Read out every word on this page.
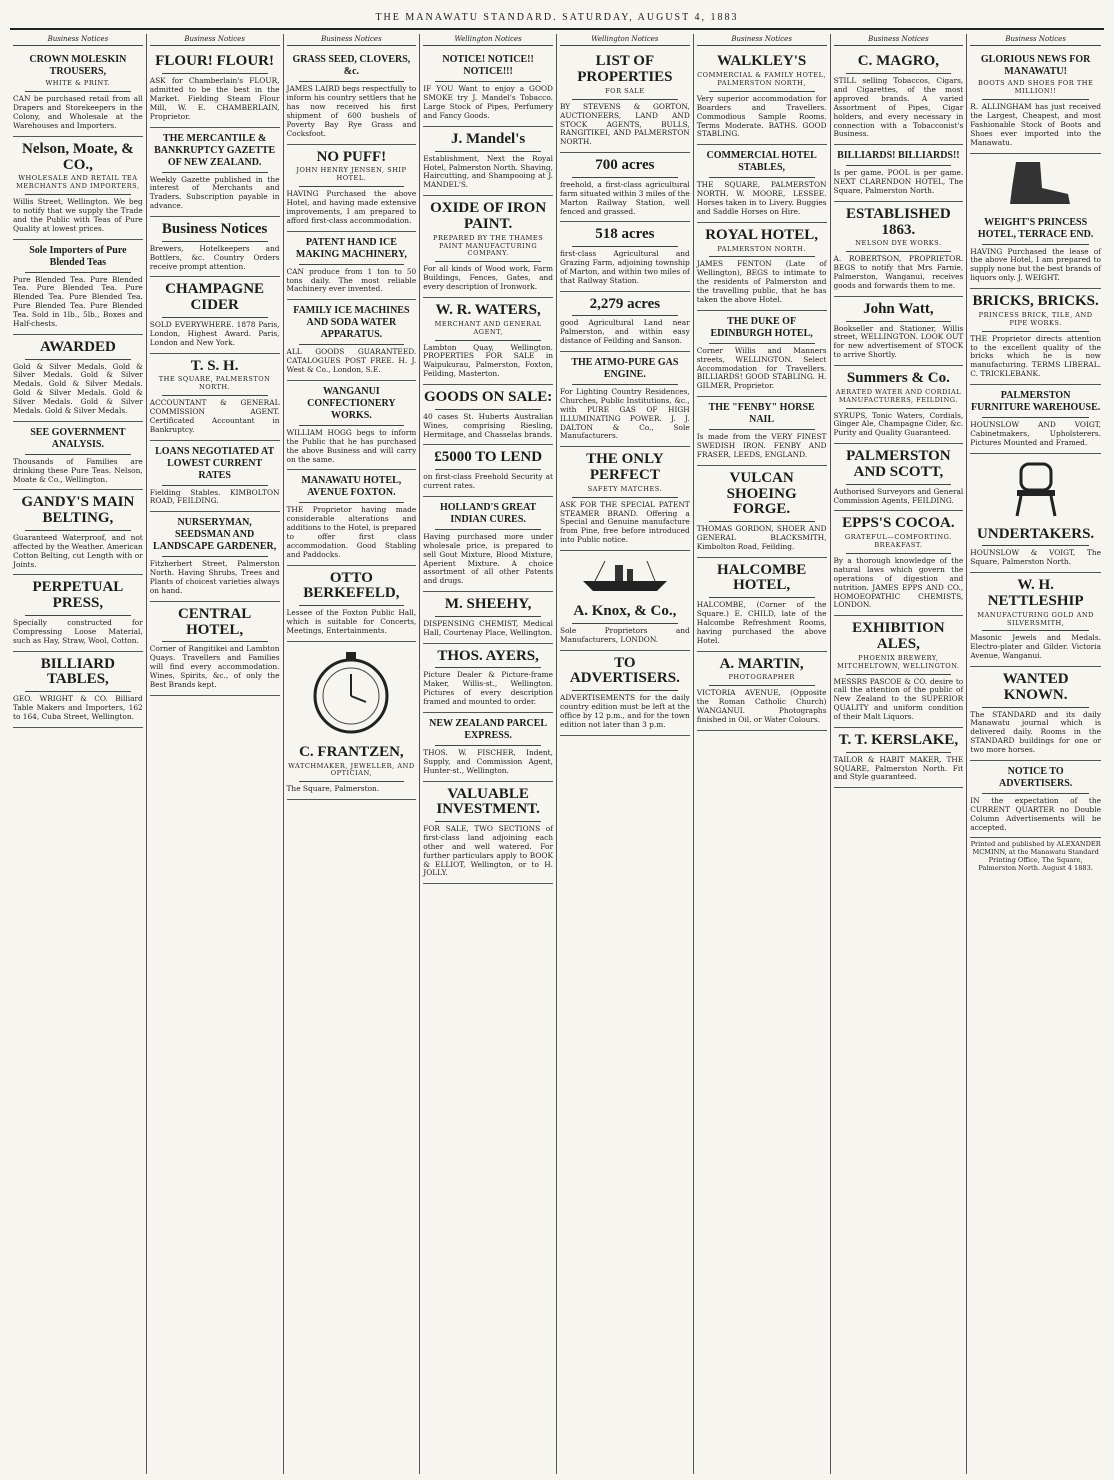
THE MANAWATU STANDARD. SATURDAY, AUGUST 4, 1883
Business Notices
CROWN MOLESKIN TROUSERS,
WHITE & PRINT.

CAN be purchased retail from all Drapers and Storekeepers in the Colony, and Wholesale at the Warehouses and Importers.

Nelson, Moate, & CO.,
WHOLESALE AND RETAIL TEA MERCHANTS AND IMPORTERS,

Willis Street, Wellington. We beg to notify that we supply the Trade and the Public with Teas of Pure Quality at lowest prices.

Sole Importers of Pure Blended Teas

Pure Blended Tea. Pure Blended Tea. Pure Blended Tea. Pure Blended Tea. Pure Blended Tea. Pure Blended Tea. Pure Blended Tea. Sold in 1lb., 5lb., Boxes and Half-chests.

AWARDED

Gold & Silver Medals. Gold & Silver Medals. Gold & Silver Medals. Gold & Silver Medals. Gold & Silver Medals. Gold & Silver Medals. Gold & Silver Medals. Gold & Silver Medals.

SEE GOVERNMENT ANALYSIS.

Thousands of Families are drinking these Pure Teas. Nelson, Moate & Co., Wellington.

GANDY'S MAIN BELTING,

Guaranteed Waterproof, and not affected by the Weather. American Cotton Belting, cut Length with or Joints.

PERPETUAL PRESS,

Specially constructed for Compressing Loose Material, such as Hay, Straw, Wool, Cotton.

BILLIARD TABLES,

GEO. WRIGHT & CO. Billiard Table Makers and Importers, 162 to 164, Cuba Street, Wellington.

Business Notices
FLOUR! FLOUR!

ASK for Chamberlain's FLOUR, admitted to be the best in the Market. Fielding Steam Flour Mill, W. E. CHAMBERLAIN, Proprietor.

THE MERCANTILE & BANKRUPTCY GAZETTE OF NEW ZEALAND.

Weekly Gazette published in the interest of Merchants and Traders. Subscription payable in advance.

Business Notices

Brewers, Hotelkeepers and Bottlers, &c. Country Orders receive prompt attention.

CHAMPAGNE CIDER

SOLD EVERYWHERE. 1878 Paris, London, Highest Award. Paris, London and New York.

T. S. H.
THE SQUARE, PALMERSTON NORTH.

ACCOUNTANT & GENERAL COMMISSION AGENT. Certificated Accountant in Bankruptcy.

LOANS NEGOTIATED AT LOWEST CURRENT RATES

Fielding Stables. KIMBOLTON ROAD, FEILDING.

NURSERYMAN, SEEDSMAN AND LANDSCAPE GARDENER,

Fitzherbert Street, Palmerston North. Having Shrubs, Trees and Plants of choicest varieties always on hand.

CENTRAL HOTEL,

Corner of Rangitikei and Lambton Quays. Travellers and Families will find every accommodation. Wines, Spirits, &c., of only the Best Brands kept.

Business Notices
GRASS SEED, CLOVERS, &c.

JAMES LAIRD begs respectfully to inform his country settlers that he has now received his first shipment of 600 bushels of Poverty Bay Rye Grass and Cocksfoot.

NO PUFF!
JOHN HENRY JENSEN, SHIP HOTEL.

HAVING Purchased the above Hotel, and having made extensive improvements, I am prepared to afford first-class accommodation.

PATENT HAND ICE MAKING MACHINERY,

CAN produce from 1 ton to 50 tons daily. The most reliable Machinery ever invented.

FAMILY ICE MACHINES AND SODA WATER APPARATUS.

ALL GOODS GUARANTEED. CATALOGUES POST FREE. H. J. West & Co., London, S.E.

WANGANUI CONFECTIONERY WORKS.

WILLIAM HOGG begs to inform the Public that he has purchased the above Business and will carry on the same.

MANAWATU HOTEL, AVENUE FOXTON.

THE Proprietor having made considerable alterations and additions to the Hotel, is prepared to offer first class accommodation. Good Stabling and Paddocks.

OTTO BERKEFELD,

Lessee of the Foxton Public Hall, which is suitable for Concerts, Meetings, Entertainments.

C. FRANTZEN,
WATCHMAKER, JEWELLER, AND OPTICIAN,

The Square, Palmerston.

Wellington Notices
NOTICE! NOTICE!! NOTICE!!!

IF YOU Want to enjoy a GOOD SMOKE try J. Mandel's Tobacco. Large Stock of Pipes, Perfumery and Fancy Goods.

J. Mandel's

Establishment, Next the Royal Hotel, Palmerston North. Shaving, Haircutting, and Shampooing at J. MANDEL'S.

OXIDE OF IRON PAINT.
PREPARED BY THE THAMES PAINT MANUFACTURING COMPANY.

For all kinds of Wood work, Farm Buildings, Fences, Gates, and every description of Ironwork.

W. R. WATERS,
MERCHANT AND GENERAL AGENT,

Lambton Quay, Wellington. PROPERTIES FOR SALE in Waipukurau, Palmerston, Foxton, Feilding, Masterton.

GOODS ON SALE:

40 cases St. Huberts Australian Wines, comprising Riesling, Hermitage, and Chasselas brands.

£5000 TO LEND

on first-class Freehold Security at current rates.

HOLLAND'S GREAT INDIAN CURES.

Having purchased more under wholesale price, is prepared to sell Gout Mixture, Blood Mixture, Aperient Mixture. A choice assortment of all other Patents and drugs.

M. SHEEHY,

DISPENSING CHEMIST, Medical Hall, Courtenay Place, Wellington.

THOS. AYERS,

Picture Dealer & Picture-frame Maker, Willis-st., Wellington. Pictures of every description framed and mounted to order.

NEW ZEALAND PARCEL EXPRESS.

THOS. W. FISCHER, Indent, Supply, and Commission Agent, Hunter-st., Wellington.

VALUABLE INVESTMENT.

FOR SALE, TWO SECTIONS of first-class land adjoining each other and well watered. For further particulars apply to BOOK & ELLIOT, Wellington, or to H. JOLLY.

Wellington Notices
LIST OF PROPERTIES
FOR SALE

BY STEVENS & GORTON, AUCTIONEERS, LAND AND STOCK AGENTS, BULLS, RANGITIKEI, AND PALMERSTON NORTH.

700 acres

freehold, a first-class agricultural farm situated within 3 miles of the Marton Railway Station, well fenced and grassed.

518 acres

first-class Agricultural and Grazing Farm, adjoining township of Marton, and within two miles of that Railway Station.

2,279 acres

good Agricultural Land near Palmerston, and within easy distance of Feilding and Sanson.

THE ATMO-PURE GAS ENGINE.

For Lighting Country Residences, Churches, Public Institutions, &c., with PURE GAS OF HIGH ILLUMINATING POWER. J. J. DALTON & Co., Sole Manufacturers.

THE ONLY PERFECT
SAFETY MATCHES.

ASK FOR THE SPECIAL PATENT STEAMER BRAND. Offering a Special and Genuine manufacture from Pine, free before introduced into Public notice.

A. Knox, & Co.,

Sole Proprietors and Manufacturers, LONDON.

TO ADVERTISERS.

ADVERTISEMENTS for the daily country edition must be left at the office by 12 p.m., and for the town edition not later than 3 p.m.

Business Notices
WALKLEY'S
COMMERCIAL & FAMILY HOTEL, PALMERSTON NORTH,

Very superior accommodation for Boarders and Travellers. Commodious Sample Rooms. Terms Moderate. BATHS. GOOD STABLING.

COMMERCIAL HOTEL STABLES,

THE SQUARE, PALMERSTON NORTH. W. MOORE, LESSEE. Horses taken in to Livery. Buggies and Saddle Horses on Hire.

ROYAL HOTEL,
PALMERSTON NORTH.

JAMES FENTON (Late of Wellington), BEGS to intimate to the residents of Palmerston and the travelling public, that he has taken the above Hotel.

THE DUKE OF EDINBURGH HOTEL,

Corner Willis and Manners streets, WELLINGTON. Select Accommodation for Travellers. BILLIARDS! GOOD STABLING. H. GILMER, Proprietor.

THE "FENBY" HORSE NAIL

Is made from the VERY FINEST SWEDISH IRON. FENBY AND FRASER, LEEDS, ENGLAND.

VULCAN SHOEING FORGE.

THOMAS GORDON, SHOER AND GENERAL BLACKSMITH, Kimbolton Road, Feilding.

HALCOMBE HOTEL,

HALCOMBE, (Corner of the Square.) E. CHILD, late of the Halcombe Refreshment Rooms, having purchased the above Hotel.

A. MARTIN,
PHOTOGRAPHER

VICTORIA AVENUE, (Opposite the Roman Catholic Church) WANGANUI. Photographs finished in Oil, or Water Colours.

Business Notices
C. MAGRO,

STILL selling Tobaccos, Cigars, and Cigarettes, of the most approved brands. A varied Assortment of Pipes, Cigar holders, and every necessary in connection with a Tobacconist's Business.

BILLIARDS! BILLIARDS!!

Is per game. POOL is per game. NEXT CLARENDON HOTEL, The Square, Palmerston North.

ESTABLISHED 1863.
NELSON DYE WORKS.

A. ROBERTSON, PROPRIETOR. BEGS to notify that Mrs Farnie, Palmerston, Wanganui, receives goods and forwards them to me.

John Watt,

Bookseller and Stationer, Willis street, WELLINGTON. LOOK OUT for new advertisement of STOCK to arrive Shortly.

Summers & Co.
AERATED WATER AND CORDIAL MANUFACTURERS, FEILDING.

SYRUPS, Tonic Waters, Cordials, Ginger Ale, Champagne Cider, &c. Purity and Quality Guaranteed.

PALMERSTON AND SCOTT,

Authorised Surveyors and General Commission Agents, FEILDING.

EPPS'S COCOA.
GRATEFUL—COMFORTING. BREAKFAST.

By a thorough knowledge of the natural laws which govern the operations of digestion and nutrition. JAMES EPPS AND CO., HOMOEOPATHIC CHEMISTS, LONDON.

EXHIBITION ALES,
PHOENIX BREWERY, MITCHELTOWN, WELLINGTON.

MESSRS PASCOE & CO. desire to call the attention of the public of New Zealand to the SUPERIOR QUALITY and uniform condition of their Malt Liquors.

T. T. KERSLAKE,

TAILOR & HABIT MAKER, THE SQUARE, Palmerston North. Fit and Style guaranteed.

Business Notices
GLORIOUS NEWS FOR MANAWATU!
BOOTS AND SHOES FOR THE MILLION!!

R. ALLINGHAM has just received the Largest, Cheapest, and most Fashionable Stock of Boots and Shoes ever imported into the Manawatu.

WEIGHT'S PRINCESS HOTEL, TERRACE END.

HAVING Purchased the lease of the above Hotel, I am prepared to supply none but the best brands of liquors only. J. WEIGHT.

BRICKS, BRICKS.
PRINCESS BRICK, TILE, AND PIPE WORKS.

THE Proprietor directs attention to the excellent quality of the bricks which he is now manufacturing. TERMS LIBERAL. C. TRICKLEBANK.

PALMERSTON FURNITURE WAREHOUSE.

HOUNSLOW AND VOIGT, Cabinetmakers, Upholsterers. Pictures Mounted and Framed.

UNDERTAKERS.

HOUNSLOW & VOIGT, The Square, Palmerston North.

W. H. NETTLESHIP
MANUFACTURING GOLD AND SILVERSMITH,

Masonic Jewels and Medals. Electro-plater and Gilder. Victoria Avenue, Wanganui.

WANTED KNOWN.

The STANDARD and its daily Manawatu journal which is delivered daily. Rooms in the STANDARD buildings for one or two more horses.

NOTICE TO ADVERTISERS.

IN the expectation of the CURRENT QUARTER no Double Column Advertisements will be accepted.

Printed and published by ALEXANDER MCMINN, at the Manawatu Standard Printing Office, The Square, Palmerston North. August 4 1883.
